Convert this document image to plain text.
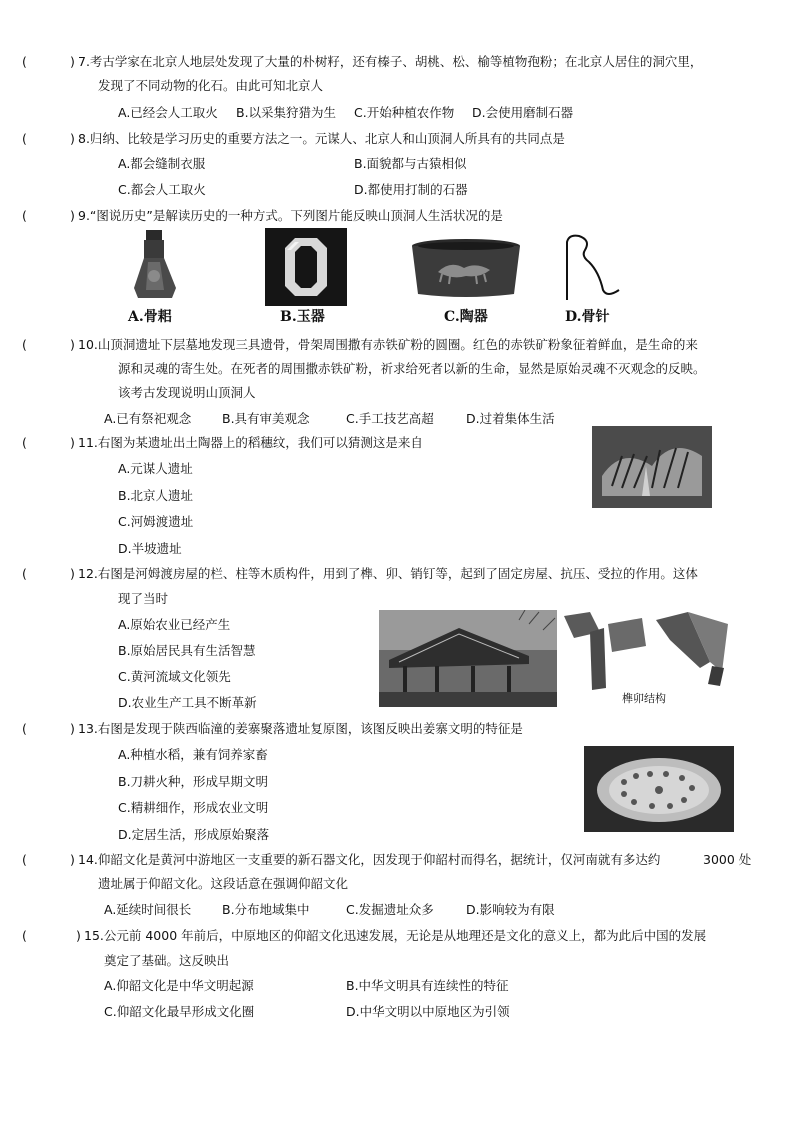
(	) 7.考古学家在北京人地层处发现了大量的朴树籽，还有榛子、胡桃、松、榆等植物孢粉；在北京人居住的洞穴里，
发现了不同动物的化石。由此可知北京人
A.已经会人工取火 B.以采集狩猎为生 C.开始种植农作物 D.会使用磨制石器
(	) 8.归纳、比较是学习历史的重要方法之一。元谋人、北京人和山顶洞人所具有的共同点是
A.都会缝制衣服	B.面貌都与古猿相似
C.都会人工取火	D.都使用打制的石器
(	) 9.“图说历史”是解读历史的一种方式。下列图片能反映山顶洞人生活状况的是
A.骨耜	B.玉器	C.陶器	D.骨针
(	) 10.山顶洞遗址下层墓地发现三具遗骨，骨架周围撒有赤铁矿粉的圆圈。红色的赤铁矿粉象征着鲜血，是生命的来
源和灵魂的寄生处。在死者的周围撒赤铁矿粉，祈求给死者以新的生命，显然是原始灵魂不灭观念的反映。
该考古发现说明山顶洞人
A.已有祭祀观念 B.具有审美观念	C.手工技艺高超	D.过着集体生活
(	) 11.右图为某遗址出土陶器上的稻穗纹，我们可以猜测这是来自
A.元谋人遗址
B.北京人遗址
C.河姆渡遗址
D.半坡遗址
(	) 12.右图是河姆渡房屋的栏、柱等木质构件，用到了榫、卯、销钉等，起到了固定房屋、抗压、受拉的作用。这体
现了当时
A.原始农业已经产生
B.原始居民具有生活智慧
C.黄河流域文化领先
D.农业生产工具不断革新	榫卯结构
(	) 13.右图是发现于陕西临潼的姜寨聚落遗址复原图，该图反映出姜寨文明的特征是
A.种植水稻，兼有饲养家畜
B.刀耕火种，形成早期文明
C.精耕细作，形成农业文明
D.定居生活，形成原始聚落
(	) 14.仰韶文化是黄河中游地区一支重要的新石器文化，因发现于仰韶村而得名，据统计，仅河南就有多达约	3000 处
遗址属于仰韶文化。这段话意在强调仰韶文化
A.延续时间很长 B.分布地域集中	C.发掘遗址众多	D.影响较为有限
(	) 15.公元前 4000 年前后，中原地区的仰韶文化迅速发展，无论是从地理还是文化的意义上，都为此后中国的发展
奠定了基础。这反映出
A.仰韶文化是中华文明起源	B.中华文明具有连续性的特征
C.仰韶文化最早形成文化圈	D.中华文明以中原地区为引领
